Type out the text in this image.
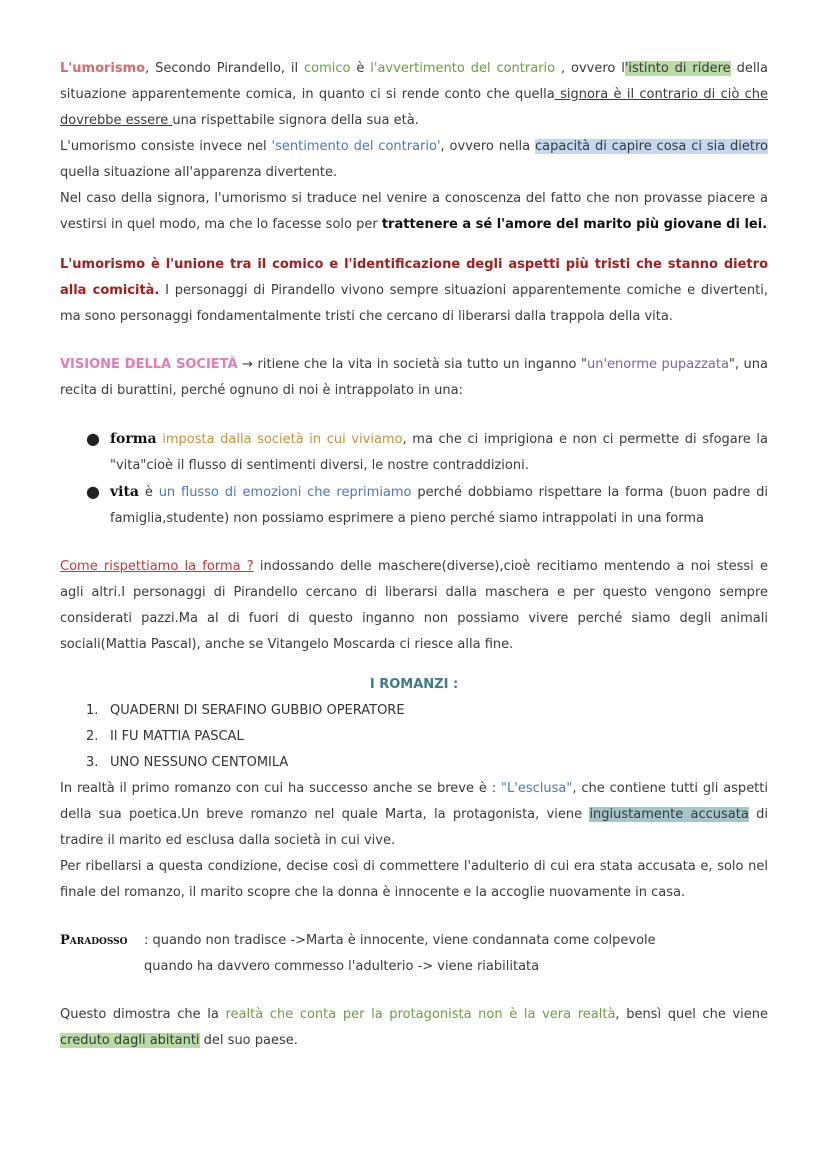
L'umorismo, Secondo Pirandello, il comico è l'avvertimento del contrario , ovvero l'istinto di ridere della situazione apparentemente comica, in quanto ci si rende conto che quella signora è il contrario di ciò che dovrebbe essere una rispettabile signora della sua età.

L'umorismo consiste invece nel 'sentimento del contrario', ovvero nella capacità di capire cosa ci sia dietro quella situazione all'apparenza divertente.

Nel caso della signora, l'umorismo si traduce nel venire a conoscenza del fatto che non provasse piacere a vestirsi in quel modo, ma che lo facesse solo per trattenere a sé l'amore del marito più giovane di lei.

L'umorismo è l'unione tra il comico e l'identificazione degli aspetti più tristi che stanno dietro alla comicità. I personaggi di Pirandello vivono sempre situazioni apparentemente comiche e divertenti, ma sono personaggi fondamentalmente tristi che cercano di liberarsi dalla trappola della vita.

VISIONE DELLA SOCIETÀ → ritiene che la vita in società sia tutto un inganno "un'enorme pupazzata", una recita di burattini, perché ognuno di noi è intrappolato in una:

● forma imposta dalla società in cui viviamo, ma che ci imprigiona e non ci permette di sfogare la "vita"cioè il flusso di sentimenti diversi, le nostre contraddizioni.
● vita è un flusso di emozioni che reprimiamo perché dobbiamo rispettare la forma (buon padre di famiglia,studente) non possiamo esprimere a pieno perché siamo intrappolati in una forma

Come rispettiamo la forma ? indossando delle maschere(diverse),cioè recitiamo mentendo a noi stessi e agli altri.I personaggi di Pirandello cercano di liberarsi dalla maschera e per questo vengono sempre considerati pazzi.Ma al di fuori di questo inganno non possiamo vivere perché siamo degli animali sociali(Mattia Pascal), anche se Vitangelo Moscarda ci riesce alla fine.

I ROMANZI :

1. QUADERNI DI SERAFINO GUBBIO OPERATORE
2. Il FU MATTIA PASCAL
3. UNO NESSUNO CENTOMILA

In realtà il primo romanzo con cui ha successo anche se breve è : "L'esclusa", che contiene tutti gli aspetti della sua poetica.Un breve romanzo nel quale Marta, la protagonista, viene ingiustamente accusata di tradire il marito ed esclusa dalla società in cui vive.

Per ribellarsi a questa condizione, decise così di commettere l'adulterio di cui era stata accusata e, solo nel finale del romanzo, il marito scopre che la donna è innocente e la accoglie nuovamente in casa.

Paradosso	: quando non tradisce ->Marta è innocente, viene condannata come colpevole
quando ha davvero commesso l'adulterio -> viene riabilitata

Questo dimostra che la realtà che conta per la protagonista non è la vera realtà, bensì quel che viene creduto dagli abitanti del suo paese.
